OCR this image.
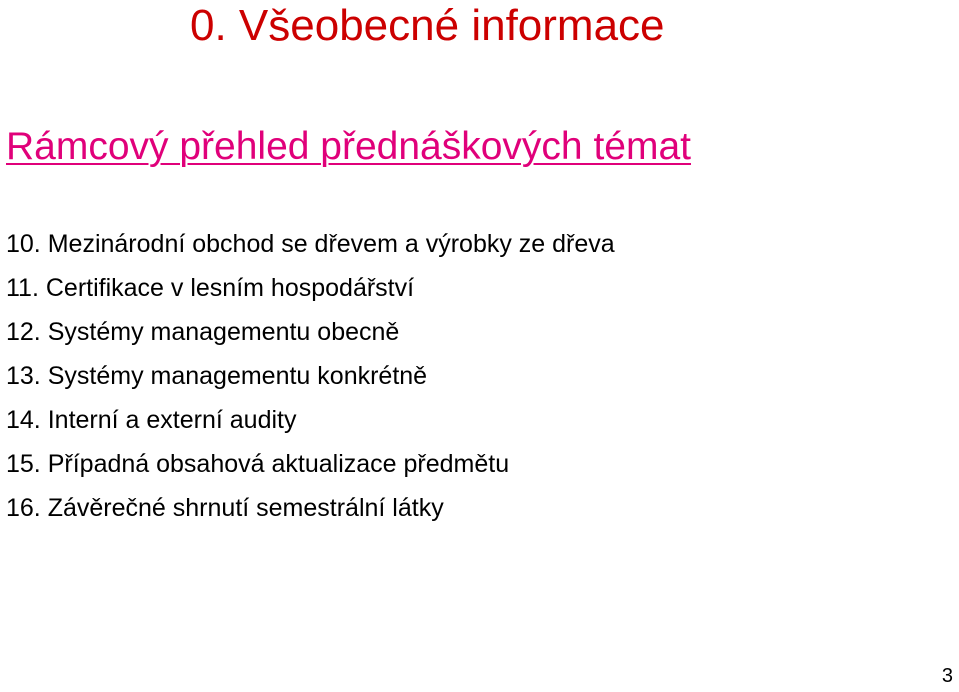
0. Všeobecné informace
Rámcový přehled přednáškových témat
10. Mezinárodní obchod se dřevem a výrobky ze dřeva
11. Certifikace v lesním hospodářství
12. Systémy managementu obecně
13. Systémy managementu konkrétně
14. Interní a externí audity
15. Případná obsahová aktualizace předmětu
16. Závěrečné shrnutí semestrální látky
3
